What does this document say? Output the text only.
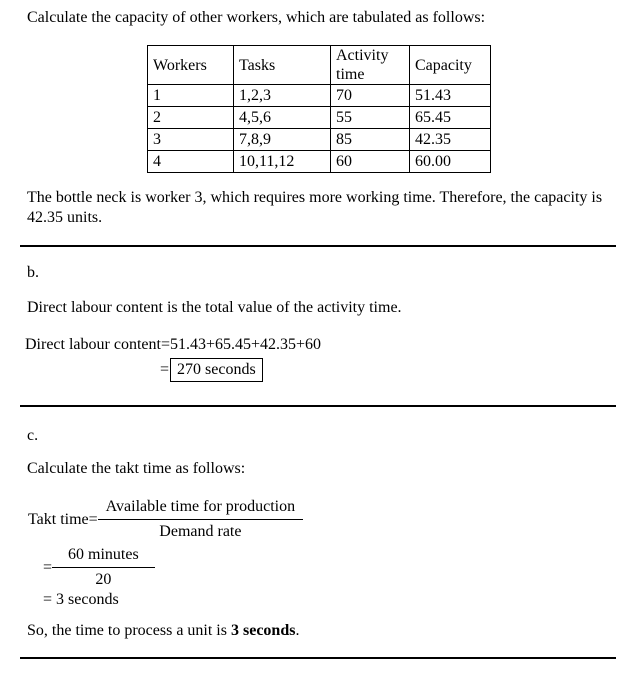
Calculate the capacity of other workers, which are tabulated as follows:

Workers	Tasks	Activity time	Capacity
1	1,2,3	70	51.43
2	4,5,6	55	65.45
3	7,8,9	85	42.35
4	10,11,12	60	60.00

The bottle neck is worker 3, which requires more working time. Therefore, the capacity is 42.35 units.

b.

Direct labour content is the total value of the activity time.

Direct labour content=51.43+65.45+42.35+60

= 270 seconds

c.

Calculate the takt time as follows:

Takt time= $\frac{\text{Available time for production}}{\text{Demand rate}}$
= $\frac{\text{60 minutes}}{20}$

= 3 seconds

So, the time to process a unit is 3 seconds.
